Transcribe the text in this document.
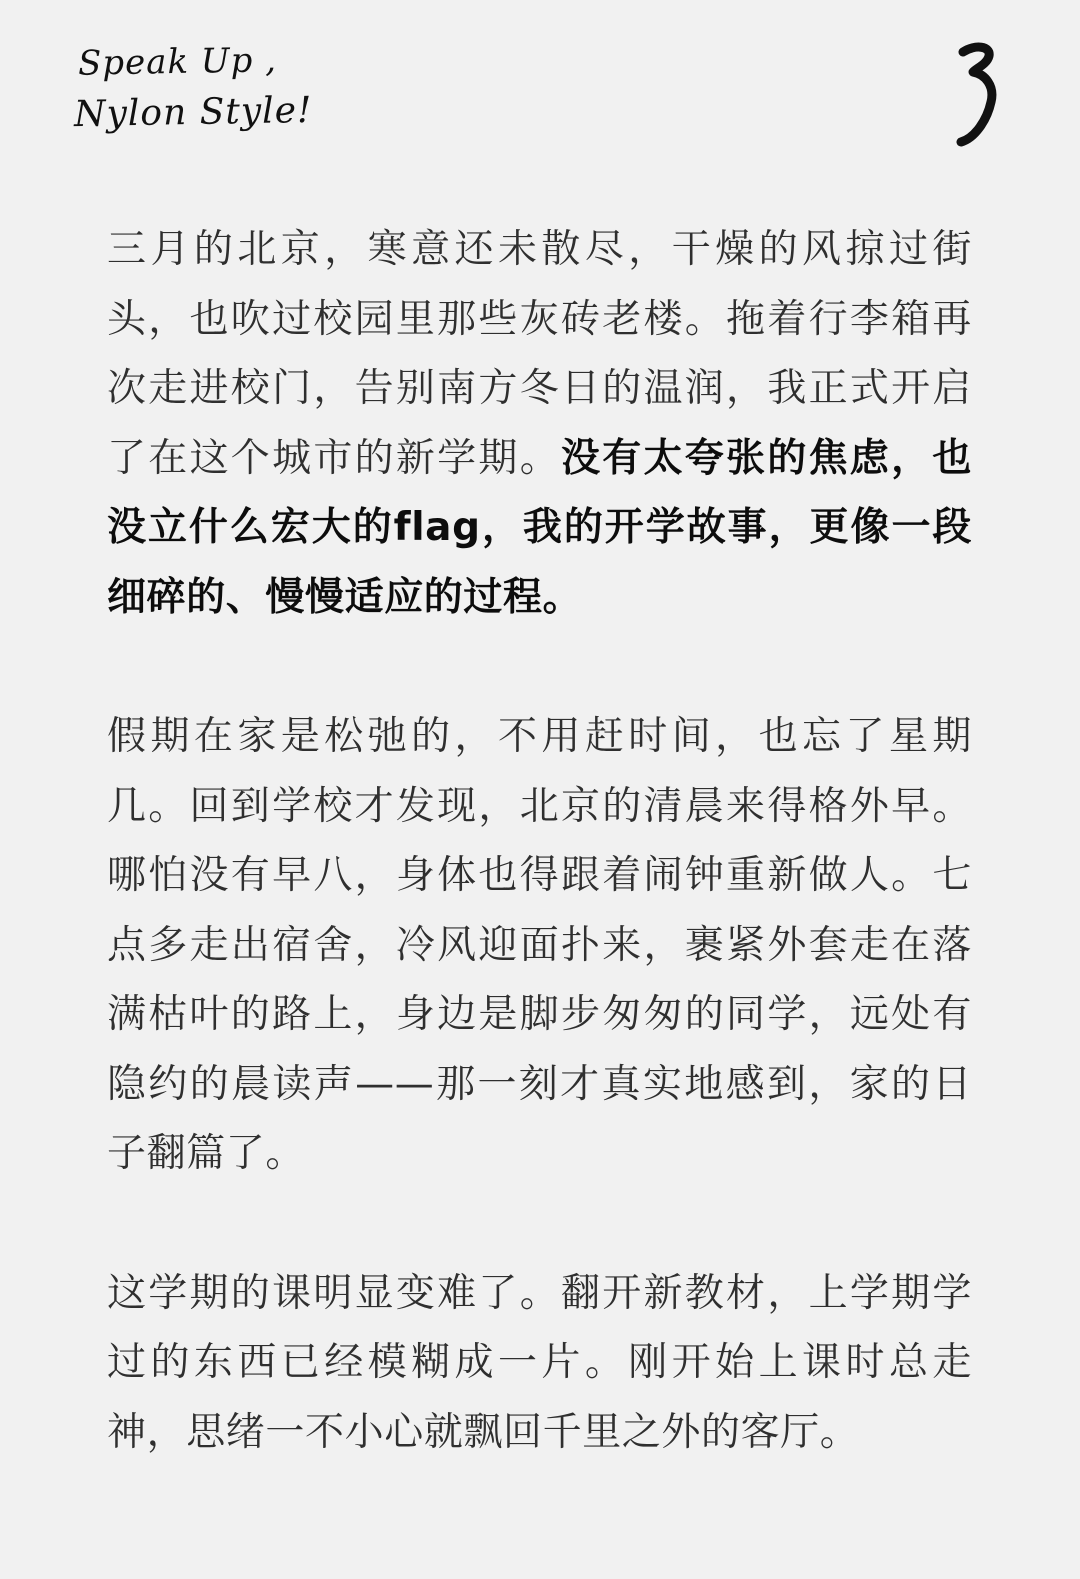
Speak Up ,
Nylon Style!

三月的北京，寒意还未散尽，干燥的风掠过街头，也吹过校园里那些灰砖老楼。拖着行李箱再次走进校门，告别南方冬日的温润，我正式开启了在这个城市的新学期。没有太夸张的焦虑，也没立什么宏大的flag，我的开学故事，更像一段细碎的、慢慢适应的过程。

假期在家是松弛的，不用赶时间，也忘了星期几。回到学校才发现，北京的清晨来得格外早。哪怕没有早八，身体也得跟着闹钟重新做人。七点多走出宿舍，冷风迎面扑来，裹紧外套走在落满枯叶的路上，身边是脚步匆匆的同学，远处有隐约的晨读声——那一刻才真实地感到，家的日子翻篇了。

这学期的课明显变难了。翻开新教材，上学期学过的东西已经模糊成一片。刚开始上课时总走神，思绪一不小心就飘回千里之外的客厅。
